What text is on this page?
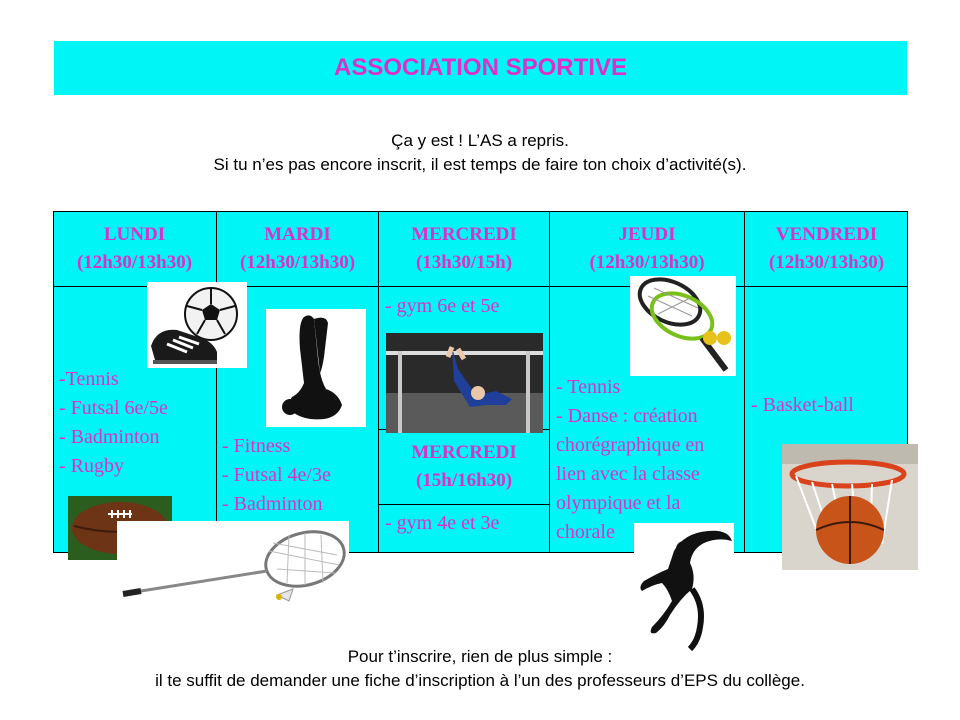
ASSOCIATION SPORTIVE
Ça y est ! L’AS a repris.
Si tu n’es pas encore inscrit, il est temps de faire ton choix d’activité(s).
LUNDI
(12h30/13h30)
MARDI
(12h30/13h30)
MERCREDI
(13h30/15h)
JEUDI
(12h30/13h30)
VENDREDI
(12h30/13h30)
-Tennis
- Futsal 6e/5e
- Badminton
- Rugby
- Fitness
- Futsal 4e/3e
- Badminton
- gym 6e et 5e
MERCREDI
(15h/16h30)
- gym 4e et 3e
- Tennis
- Danse : création
chorégraphique en
lien avec la classe
olympique et la
chorale
- Basket-ball
Pour t’inscrire, rien de plus simple :
il te suffit de demander une fiche d’inscription à l’un des professeurs d’EPS du collège.
